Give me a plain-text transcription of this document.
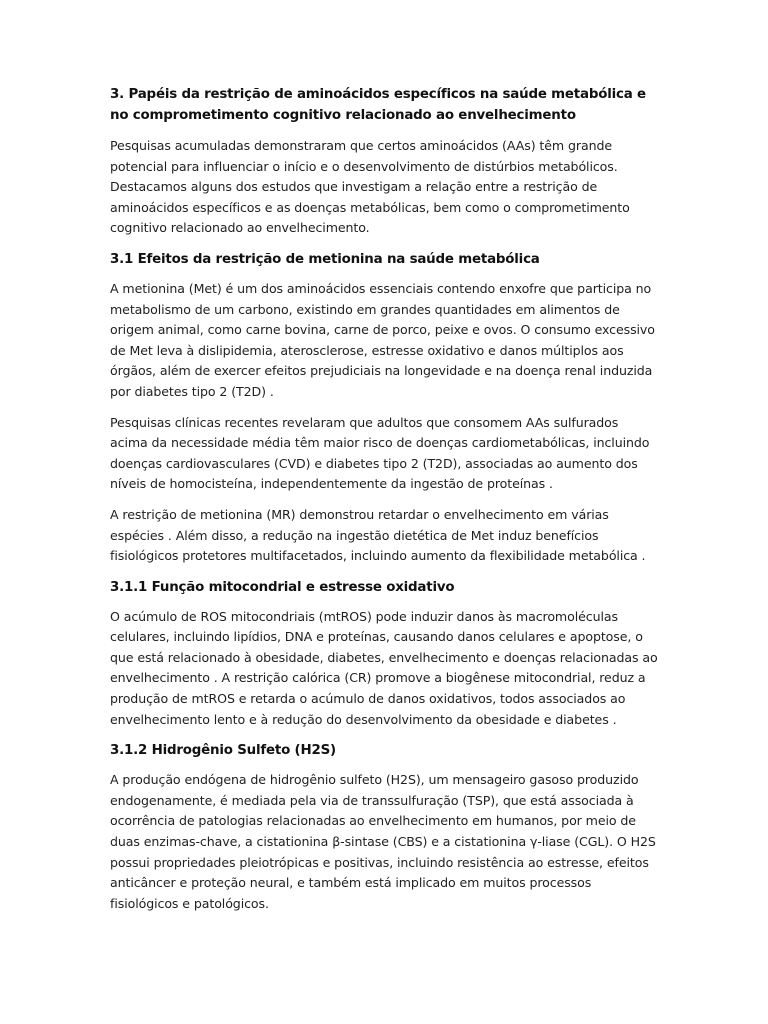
3. Papéis da restrição de aminoácidos específicos na saúde metabólica e no comprometimento cognitivo relacionado ao envelhecimento

Pesquisas acumuladas demonstraram que certos aminoácidos (AAs) têm grande potencial para influenciar o início e o desenvolvimento de distúrbios metabólicos. Destacamos alguns dos estudos que investigam a relação entre a restrição de aminoácidos específicos e as doenças metabólicas, bem como o comprometimento cognitivo relacionado ao envelhecimento.

3.1 Efeitos da restrição de metionina na saúde metabólica

A metionina (Met) é um dos aminoácidos essenciais contendo enxofre que participa no metabolismo de um carbono, existindo em grandes quantidades em alimentos de origem animal, como carne bovina, carne de porco, peixe e ovos. O consumo excessivo de Met leva à dislipidemia, aterosclerose, estresse oxidativo e danos múltiplos aos órgãos, além de exercer efeitos prejudiciais na longevidade e na doença renal induzida por diabetes tipo 2 (T2D) .

Pesquisas clínicas recentes revelaram que adultos que consomem AAs sulfurados acima da necessidade média têm maior risco de doenças cardiometabólicas, incluindo doenças cardiovasculares (CVD) e diabetes tipo 2 (T2D), associadas ao aumento dos níveis de homocisteína, independentemente da ingestão de proteínas .

A restrição de metionina (MR) demonstrou retardar o envelhecimento em várias espécies . Além disso, a redução na ingestão dietética de Met induz benefícios fisiológicos protetores multifacetados, incluindo aumento da flexibilidade metabólica .

3.1.1 Função mitocondrial e estresse oxidativo

O acúmulo de ROS mitocondriais (mtROS) pode induzir danos às macromoléculas celulares, incluindo lipídios, DNA e proteínas, causando danos celulares e apoptose, o que está relacionado à obesidade, diabetes, envelhecimento e doenças relacionadas ao envelhecimento . A restrição calórica (CR) promove a biogênese mitocondrial, reduz a produção de mtROS e retarda o acúmulo de danos oxidativos, todos associados ao envelhecimento lento e à redução do desenvolvimento da obesidade e diabetes .

3.1.2 Hidrogênio Sulfeto (H2S)

A produção endógena de hidrogênio sulfeto (H2S), um mensageiro gasoso produzido endogenamente, é mediada pela via de transsulfuração (TSP), que está associada à ocorrência de patologias relacionadas ao envelhecimento em humanos, por meio de duas enzimas-chave, a cistationina β-sintase (CBS) e a cistationina γ-liase (CGL). O H2S possui propriedades pleiotrópicas e positivas, incluindo resistência ao estresse, efeitos anticâncer e proteção neural, e também está implicado em muitos processos fisiológicos e patológicos.
